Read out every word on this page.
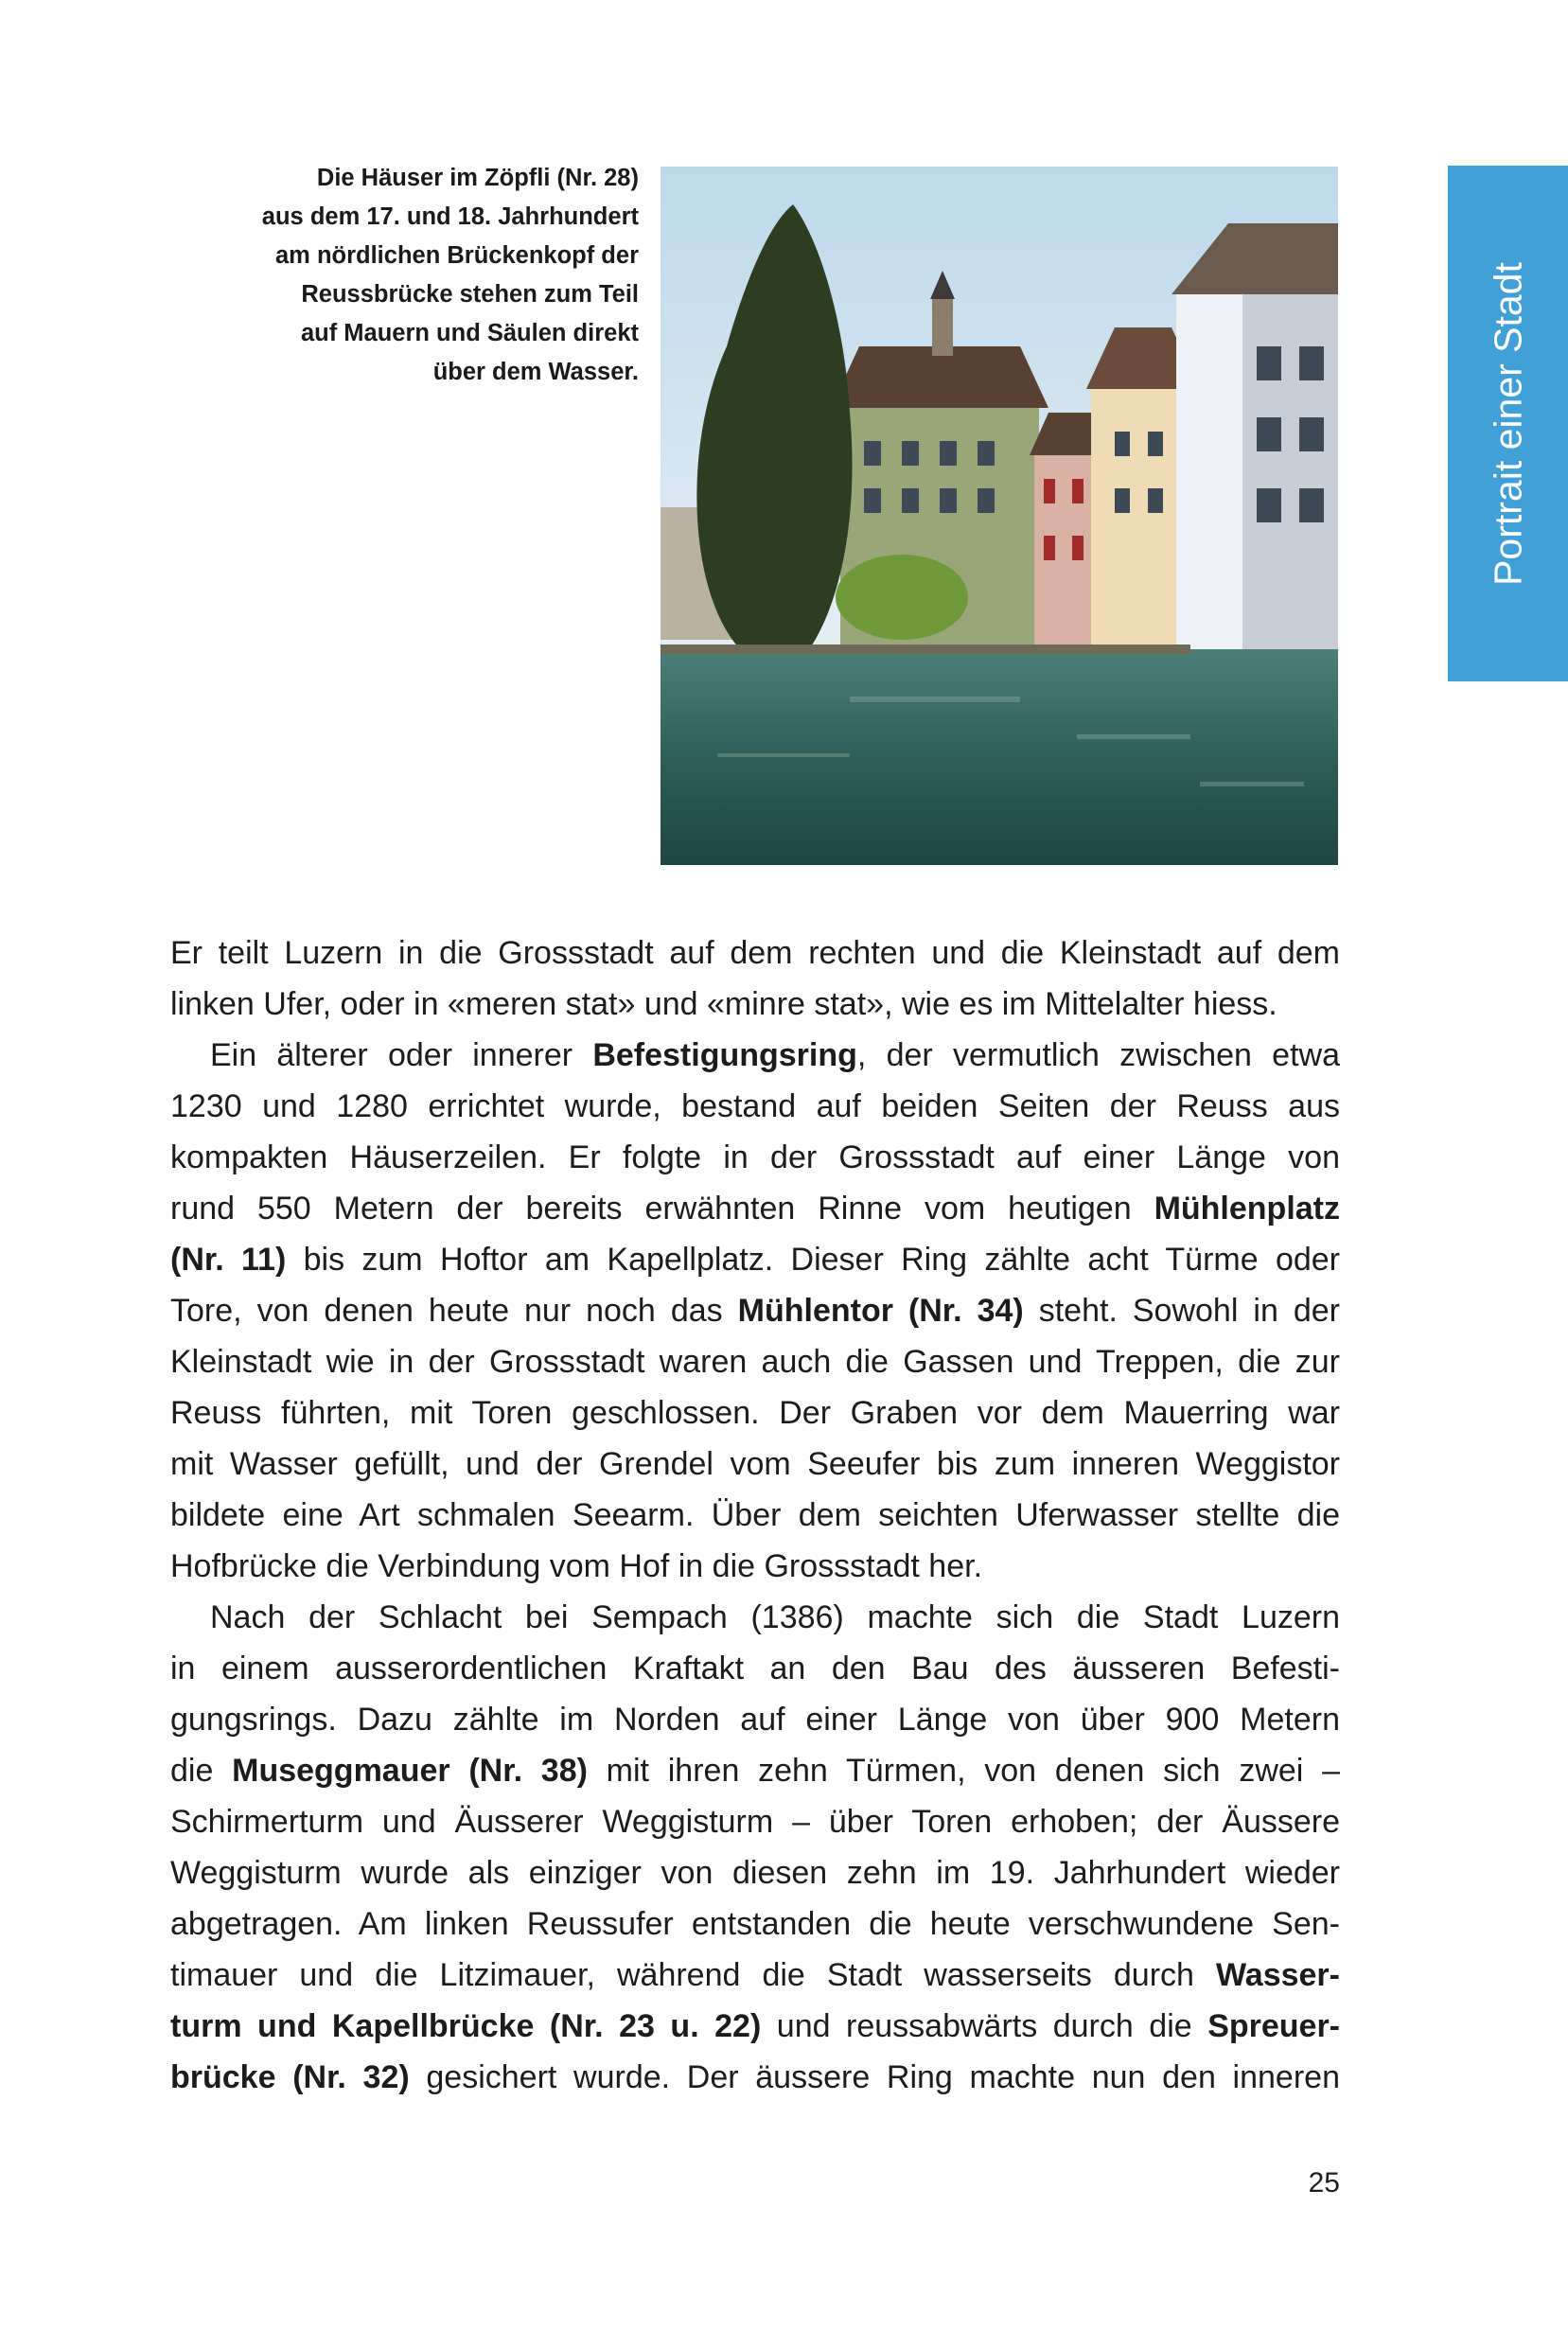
Die Häuser im Zöpfli (Nr. 28)
aus dem 17. und 18. Jahrhundert
am nördlichen Brückenkopf der
Reussbrücke stehen zum Teil
auf Mauern und Säulen direkt
über dem Wasser.	Portrait einer Stadt
Er teilt Luzern in die Grossstadt auf dem rechten und die Kleinstadt auf dem
linken Ufer, oder in «meren stat» und «minre stat», wie es im Mittelalter hiess.
Ein älterer oder innerer Befestigungsring, der vermutlich zwischen etwa
1230 und 1280 errichtet wurde, bestand auf beiden Seiten der Reuss aus
kompakten Häuserzeilen. Er folgte in der Grossstadt auf einer Länge von
rund 550 Metern der bereits erwähnten Rinne vom heutigen Mühlenplatz
(Nr. 11) bis zum Hoftor am Kapellplatz. Dieser Ring zählte acht Türme oder
Tore, von denen heute nur noch das Mühlentor (Nr. 34) steht. Sowohl in der
Kleinstadt wie in der Grossstadt waren auch die Gassen und Treppen, die zur
Reuss führten, mit Toren geschlossen. Der Graben vor dem Mauerring war
mit Wasser gefüllt, und der Grendel vom Seeufer bis zum inneren Weggistor
bildete eine Art schmalen Seearm. Über dem seichten Uferwasser stellte die
Hofbrücke die Verbindung vom Hof in die Grossstadt her.
Nach der Schlacht bei Sempach (1386) machte sich die Stadt Luzern
in einem ausserordentlichen Kraftakt an den Bau des äusseren Befesti-
gungsrings. Dazu zählte im Norden auf einer Länge von über 900 Metern
die Museggmauer (Nr. 38) mit ihren zehn Türmen, von denen sich zwei –
Schirmerturm und Äusserer Weggisturm – über Toren erhoben; der Äussere
Weggisturm wurde als einziger von diesen zehn im 19. Jahrhundert wieder
abgetragen. Am linken Reussufer entstanden die heute verschwundene Sen-
timauer und die Litzimauer, während die Stadt wasserseits durch Wasser-
turm und Kapellbrücke (Nr. 23 u. 22) und reussabwärts durch die Spreuer-
brücke (Nr. 32) gesichert wurde. Der äussere Ring machte nun den inneren
25
